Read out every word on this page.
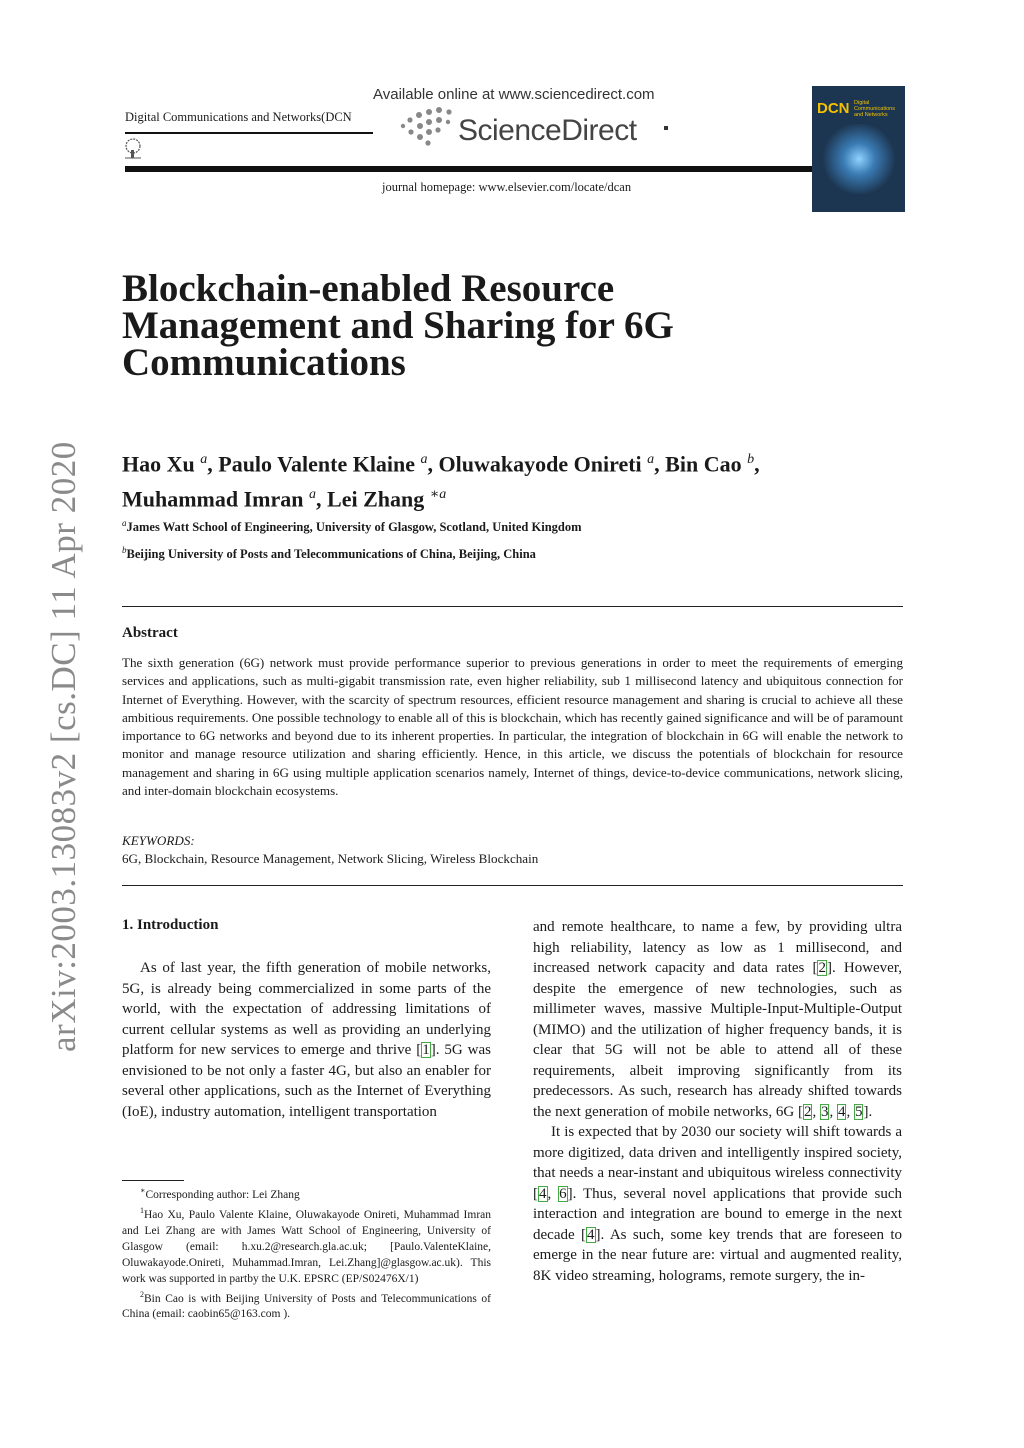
arXiv:2003.13083v2 [cs.DC] 11 Apr 2020
Digital Communications and Networks(DCN
Available online at www.sciencedirect.com
ScienceDirect
journal homepage: www.elsevier.com/locate/dcan
DCN Digital Communications and Networks
Blockchain-enabled Resource
Management and Sharing for 6G
Communications
Hao Xu $^a$, Paulo Valente Klaine $^a$, Oluwakayode Onireti $^a$, Bin Cao $^b$,
Muhammad Imran $^a$, Lei Zhang $^{∗a}$
$^a$James Watt School of Engineering, University of Glasgow, Scotland, United Kingdom
$^b$Beijing University of Posts and Telecommunications of China, Beijing, China
Abstract
The sixth generation (6G) network must provide performance superior to previous generations in order to meet the requirements of emerging services and applications, such as multi-gigabit transmission rate, even higher reliability, sub 1 millisecond latency and ubiquitous connection for Internet of Everything. However, with the scarcity of spectrum resources, efficient resource management and sharing is crucial to achieve all these ambitious requirements. One possible technology to enable all of this is blockchain, which has recently gained significance and will be of paramount importance to 6G networks and beyond due to its inherent properties. In particular, the integration of blockchain in 6G will enable the network to monitor and manage resource utilization and sharing efficiently. Hence, in this article, we discuss the potentials of blockchain for resource management and sharing in 6G using multiple application scenarios namely, Internet of things, device-to-device communications, network slicing, and inter-domain blockchain ecosystems.
KEYWORDS:
6G, Blockchain, Resource Management, Network Slicing, Wireless Blockchain
1. Introduction

As of last year, the fifth generation of mobile networks, 5G, is already being commercialized in some parts of the world, with the expectation of addressing limitations of current cellular systems as well as providing an underlying platform for new services to emerge and thrive [1]. 5G was envisioned to be not only a faster 4G, but also an enabler for several other applications, such as the Internet of Everything (IoE), industry automation, intelligent transportation

∗Corresponding author: Lei Zhang

$^1$Hao Xu, Paulo Valente Klaine, Oluwakayode Onireti, Muhammad Imran and Lei Zhang are with James Watt School of Engineering, University of Glasgow (email: h.xu.2@research.gla.ac.uk; [Paulo.ValenteKlaine, Oluwakayode.Onireti, Muhammad.Imran, Lei.Zhang]@glasgow.ac.uk). This work was supported in partby the U.K. EPSRC (EP/S02476X/1)

$^2$Bin Cao is with Beijing University of Posts and Telecommunications of China (email: caobin65@163.com ).

and remote healthcare, to name a few, by providing ultra high reliability, latency as low as 1 millisecond, and increased network capacity and data rates [2]. However, despite the emergence of new technologies, such as millimeter waves, massive Multiple-Input-Multiple-Output (MIMO) and the utilization of higher frequency bands, it is clear that 5G will not be able to attend all of these requirements, albeit improving significantly from its predecessors. As such, research has already shifted towards the next generation of mobile networks, 6G [2, 3, 4, 5].

It is expected that by 2030 our society will shift towards a more digitized, data driven and intelligently inspired society, that needs a near-instant and ubiquitous wireless connectivity [4, 6]. Thus, several novel applications that provide such interaction and integration are bound to emerge in the next decade [4]. As such, some key trends that are foreseen to emerge in the near future are: virtual and augmented reality, 8K video streaming, holograms, remote surgery, the in-
